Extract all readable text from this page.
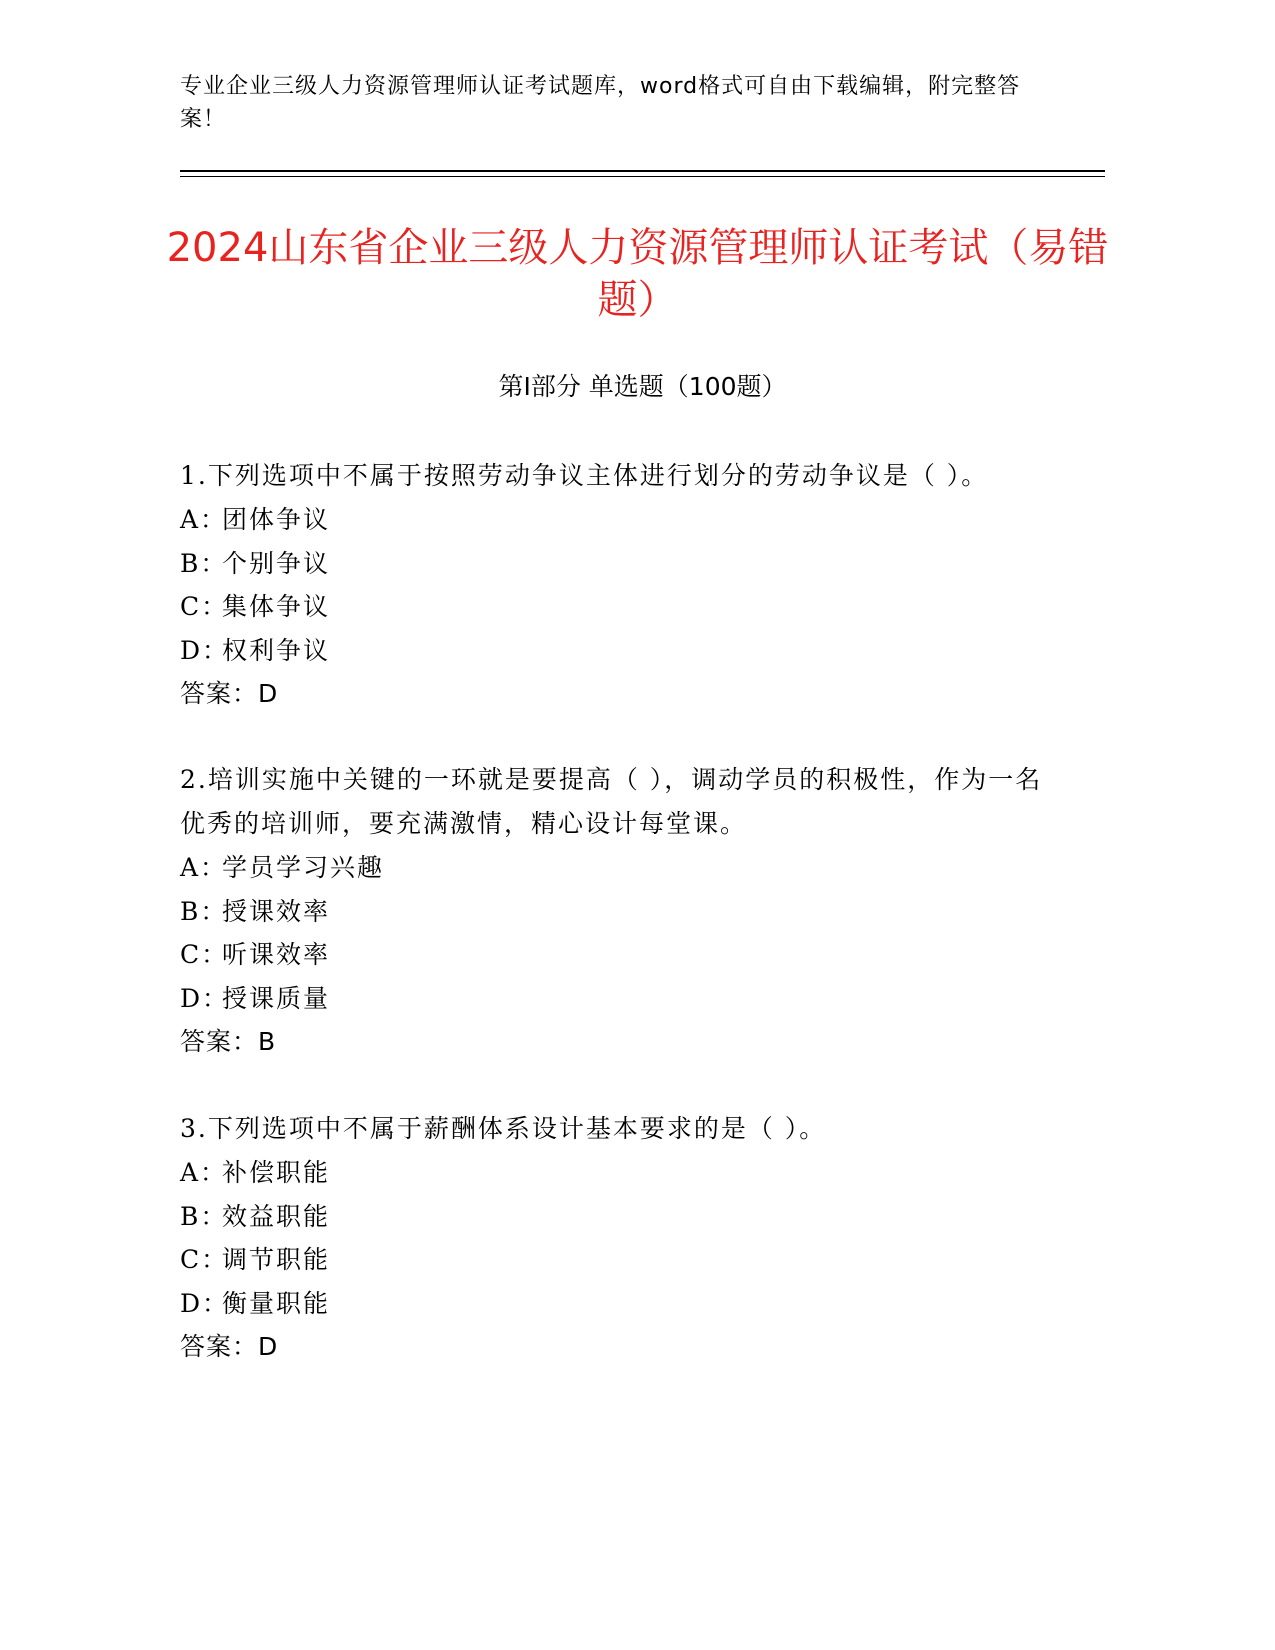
专业企业三级人力资源管理师认证考试题库，word格式可自由下载编辑，附完整答案！
2024山东省企业三级人力资源管理师认证考试（易错题）
第Ⅰ部分 单选题（100题）
1.下列选项中不属于按照劳动争议主体进行划分的劳动争议是（ ）。
A：团体争议
B：个别争议
C：集体争议
D：权利争议
答案：D
2.培训实施中关键的一环就是要提高（ ），调动学员的积极性，作为一名优秀的培训师，要充满激情，精心设计每堂课。
A：学员学习兴趣
B：授课效率
C：听课效率
D：授课质量
答案：B
3.下列选项中不属于薪酬体系设计基本要求的是（ ）。
A：补偿职能
B：效益职能
C：调节职能
D：衡量职能
答案：D
